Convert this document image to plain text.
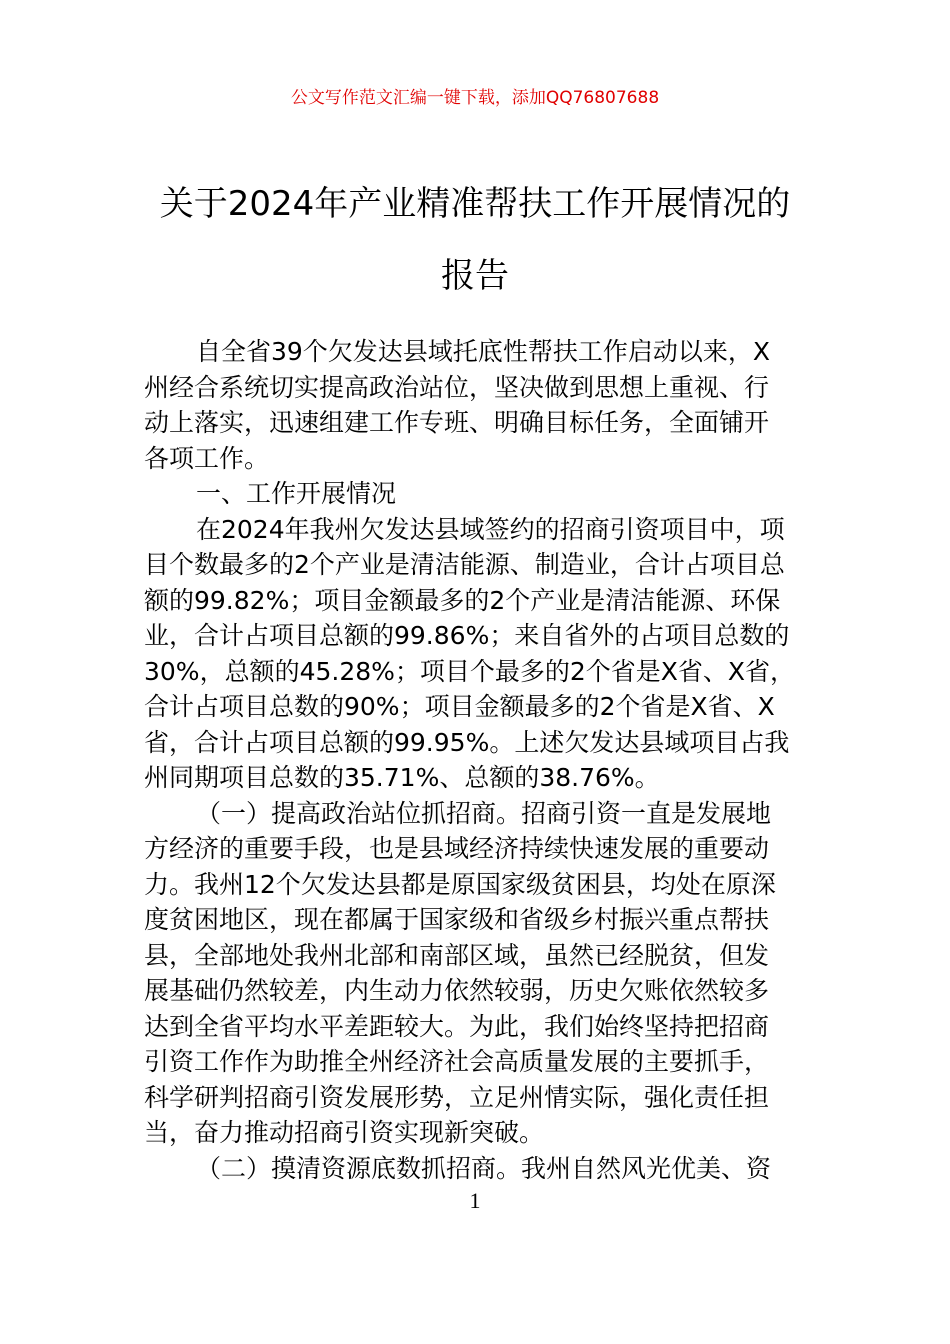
公文写作范文汇编一键下载，添加QQ76807688
关于2024年产业精准帮扶工作开展情况的
报告
自全省39个欠发达县域托底性帮扶工作启动以来，X
州经合系统切实提高政治站位，坚决做到思想上重视、行
动上落实，迅速组建工作专班、明确目标任务，全面铺开
各项工作。
一、工作开展情况
在2024年我州欠发达县域签约的招商引资项目中，项
目个数最多的2个产业是清洁能源、制造业，合计占项目总
额的99.82%；项目金额最多的2个产业是清洁能源、环保
业，合计占项目总额的99.86%；来自省外的占项目总数的
30%，总额的45.28%；项目个最多的2个省是X省、X省，
合计占项目总数的90%；项目金额最多的2个省是X省、X
省，合计占项目总额的99.95%。上述欠发达县域项目占我
州同期项目总数的35.71%、总额的38.76%。
（一）提高政治站位抓招商。招商引资一直是发展地
方经济的重要手段，也是县域经济持续快速发展的重要动
力。我州12个欠发达县都是原国家级贫困县，均处在原深
度贫困地区，现在都属于国家级和省级乡村振兴重点帮扶
县，全部地处我州北部和南部区域，虽然已经脱贫，但发
展基础仍然较差，内生动力依然较弱，历史欠账依然较多
达到全省平均水平差距较大。为此，我们始终坚持把招商
引资工作作为助推全州经济社会高质量发展的主要抓手，
科学研判招商引资发展形势，立足州情实际，强化责任担
当，奋力推动招商引资实现新突破。
（二）摸清资源底数抓招商。我州自然风光优美、资
1
